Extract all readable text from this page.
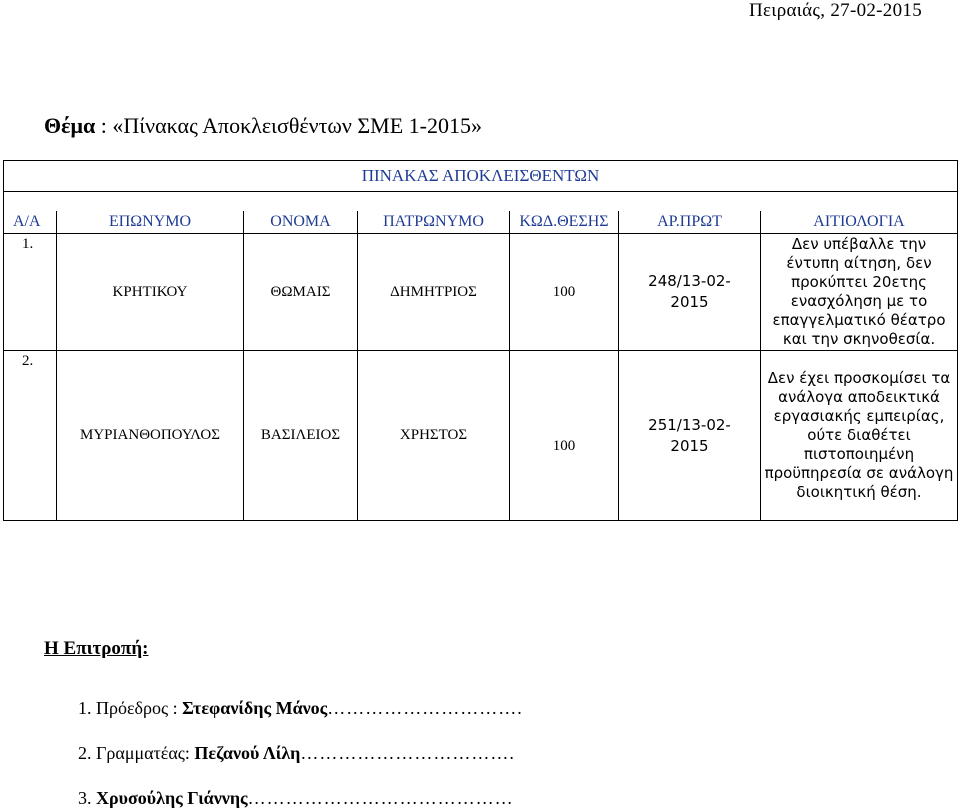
Πειραιάς, 27-02-2015
Θέμα : «Πίνακας Αποκλεισθέντων ΣΜΕ 1-2015»
ΠΙΝΑΚΑΣ ΑΠΟΚΛΕΙΣΘΕΝΤΩΝ						

Α/Α	ΕΠΩΝΥΜΟ	ΟΝΟΜΑ	ΠΑΤΡΩΝΥΜΟ	ΚΩΔ.ΘΕΣΗΣ	ΑΡ.ΠΡΩΤ	ΑΙΤΙΟΛΟΓΙΑ
1.	ΚΡΗΤΙΚΟΥ	ΘΩΜΑΙΣ	ΔΗΜΗΤΡΙΟΣ	100	248/13-02-2015	Δεν υπέβαλλε την έντυπη αίτηση, δεν προκύπτει 20ετης ενασχόληση με το επαγγελματικό θέατρο και την σκηνοθεσία.
2.	ΜΥΡΙΑΝΘΟΠΟΥΛΟΣ	ΒΑΣΙΛΕΙΟΣ	ΧΡΗΣΤΟΣ	100	251/13-02-2015	Δεν έχει προσκομίσει τα ανάλογα αποδεικτικά εργασιακής εμπειρίας, ούτε διαθέτει πιστοποιημένη προϋπηρεσία σε ανάλογη διοικητική θέση.
Η Επιτροπή:
1. Πρόεδρος : Στεφανίδης Μάνος………………………….
2. Γραμματέας: Πεζανού Λίλη…………………………….
3. Χρυσούλης Γιάννης……………………………………
